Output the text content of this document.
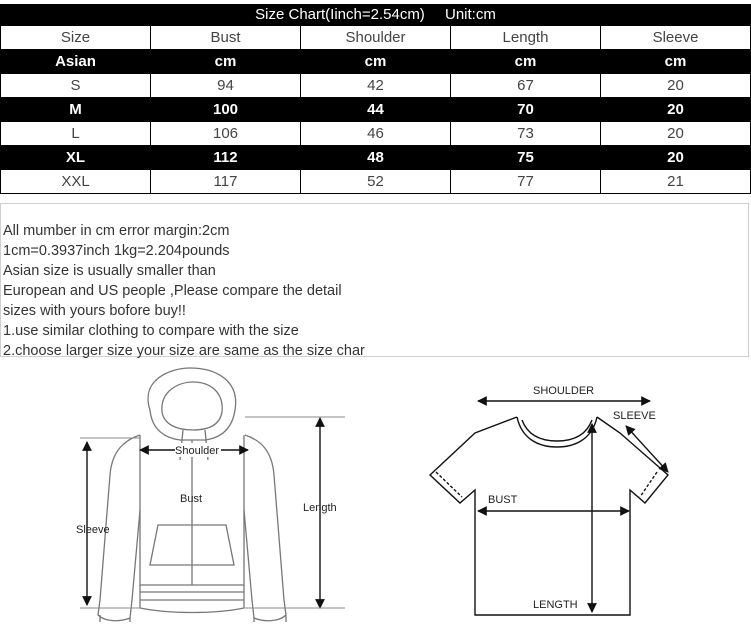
Size Chart(Iinch=2.54cm) Unit:cm
Size	Bust	Shoulder	Length	Sleeve
Asian	cm	cm	cm	cm
S	94	42	67	20
M	100	44	70	20
L	106	46	73	20
XL	112	48	75	20
XXL	117	52	77	21
All mumber in cm error margin:2cm
1cm=0.3937inch 1kg=2.204pounds
Asian size is usually smaller than
European and US people ,Please compare the detail
sizes with yours bofore buy!!
1.use similar clothing to compare with the size
2.choose larger size your size are same as the size char
Shoulder
Bust
Length
Sleeve
SHOULDER
SLEEVE
BUST
LENGTH
